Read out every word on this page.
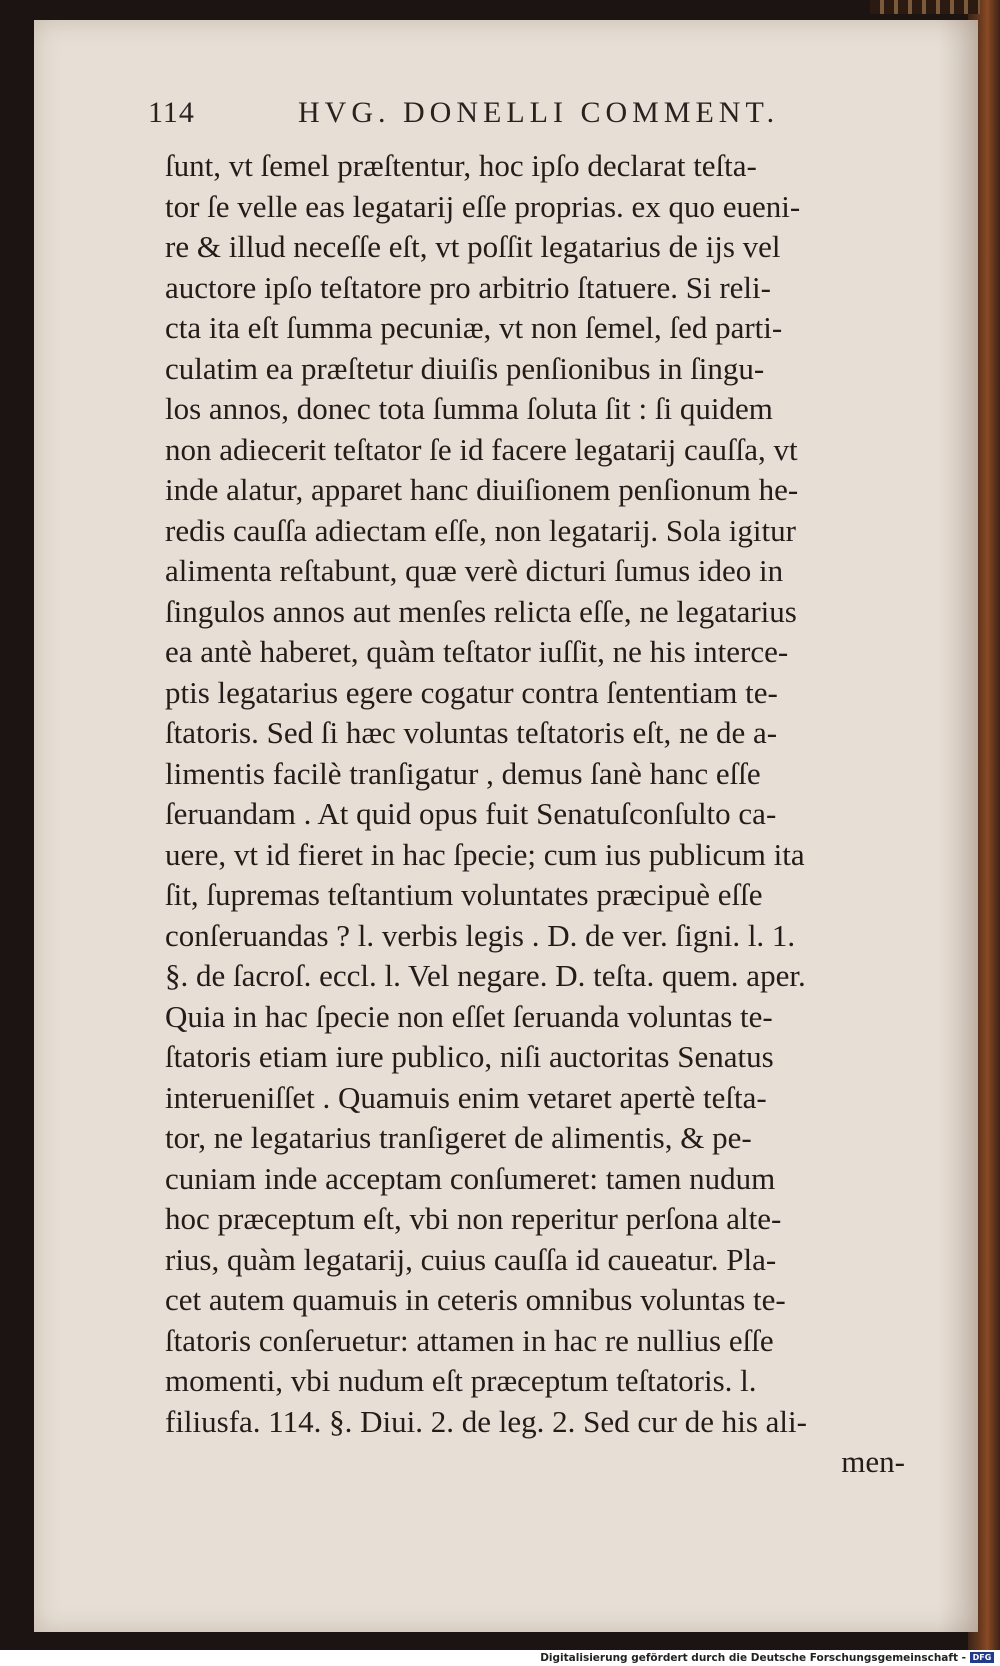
114	HVG. DONELLI COMMENT.
ſunt, vt ſemel præſtentur, hoc ipſo declarat teſta-
tor ſe velle eas legatarij eſſe proprias. ex quo eueni-
re & illud neceſſe eſt, vt poſſit legatarius de ijs vel
auctore ipſo teſtatore pro arbitrio ſtatuere. Si reli-
cta ita eſt ſumma pecuniæ, vt non ſemel, ſed parti-
culatim ea præſtetur diuiſis penſionibus in ſingu-
los annos, donec tota ſumma ſoluta ſit : ſi quidem
non adiecerit teſtator ſe id facere legatarij cauſſa, vt
inde alatur, apparet hanc diuiſionem penſionum he-
redis cauſſa adiectam eſſe, non legatarij. Sola igitur
alimenta reſtabunt, quæ verè dicturi ſumus ideo in
ſingulos annos aut menſes relicta eſſe, ne legatarius
ea antè haberet, quàm teſtator iuſſit, ne his interce-
ptis legatarius egere cogatur contra ſententiam te-
ſtatoris. Sed ſi hæc voluntas teſtatoris eſt, ne de a-
limentis facilè tranſigatur , demus ſanè hanc eſſe
ſeruandam . At quid opus fuit Senatuſconſulto ca-
uere, vt id fieret in hac ſpecie; cum ius publicum ita
ſit, ſupremas teſtantium voluntates præcipuè eſſe
conſeruandas ? l. verbis legis . D. de ver. ſigni. l. 1.
§. de ſacroſ. eccl. l. Vel negare. D. teſta. quem. aper.
Quia in hac ſpecie non eſſet ſeruanda voluntas te-
ſtatoris etiam iure publico, niſi auctoritas Senatus
interueniſſet . Quamuis enim vetaret apertè teſta-
tor, ne legatarius tranſigeret de alimentis, & pe-
cuniam inde acceptam conſumeret: tamen nudum
hoc præceptum eſt, vbi non reperitur perſona alte-
rius, quàm legatarij, cuius cauſſa id caueatur. Pla-
cet autem quamuis in ceteris omnibus voluntas te-
ſtatoris conſeruetur: attamen in hac re nullius eſſe
momenti, vbi nudum eſt præceptum teſtatoris. l.
filiusfa. 114. §. Diui. 2. de leg. 2. Sed cur de his ali-
men-
Digitalisierung gefördert durch die Deutsche Forschungsgemeinschaft - DFG
